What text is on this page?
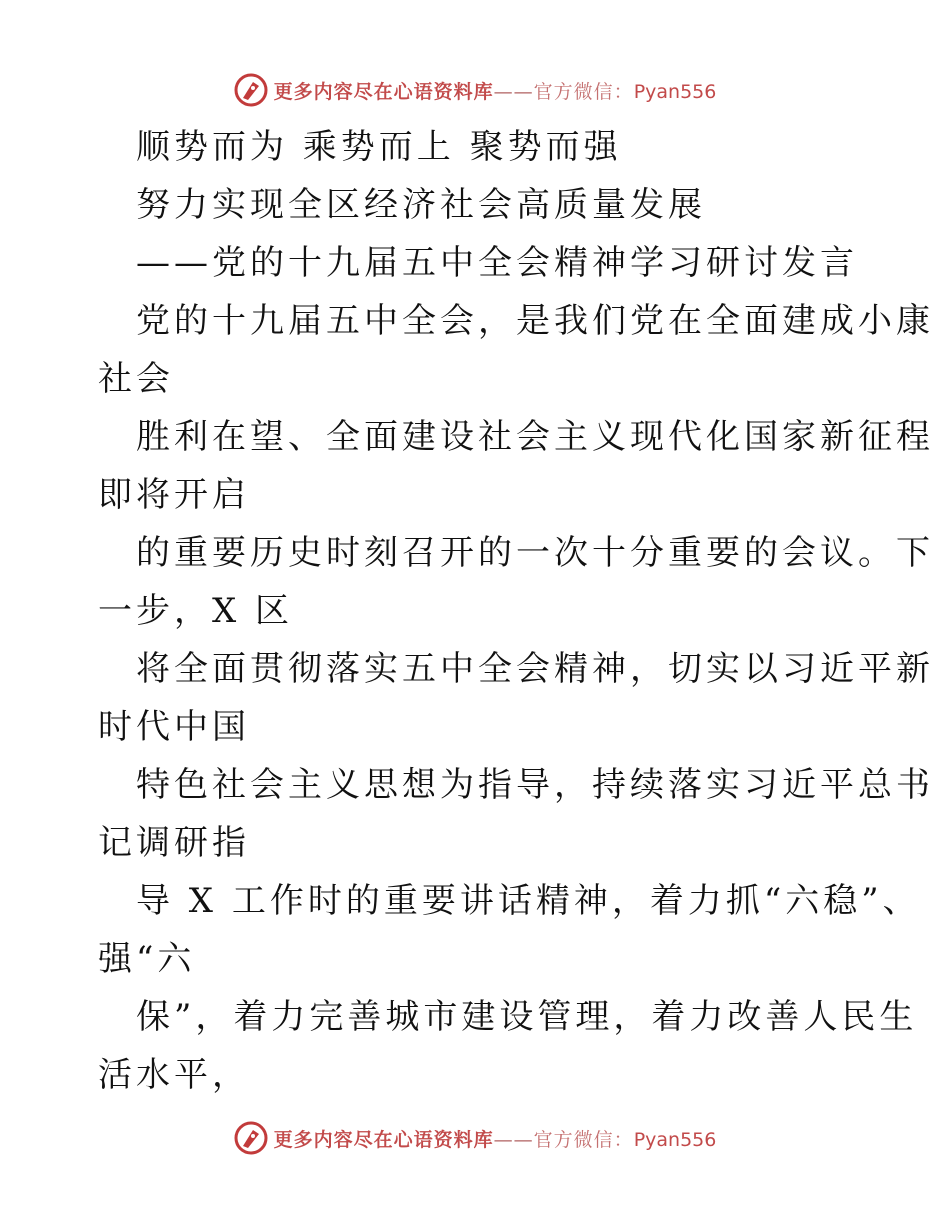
更多内容尽在心语资料库——官方微信：Pyan556
顺势而为 乘势而上 聚势而强
努力实现全区经济社会高质量发展
——党的十九届五中全会精神学习研讨发言
党的十九届五中全会，是我们党在全面建成小康
社会
胜利在望、全面建设社会主义现代化国家新征程
即将开启
的重要历史时刻召开的一次十分重要的会议。下
一步，X 区
将全面贯彻落实五中全会精神，切实以习近平新
时代中国
特色社会主义思想为指导，持续落实习近平总书
记调研指
导 X 工作时的重要讲话精神，着力抓“六稳”、
强“六
保”，着力完善城市建设管理，着力改善人民生
活水平，
更多内容尽在心语资料库——官方微信：Pyan556
